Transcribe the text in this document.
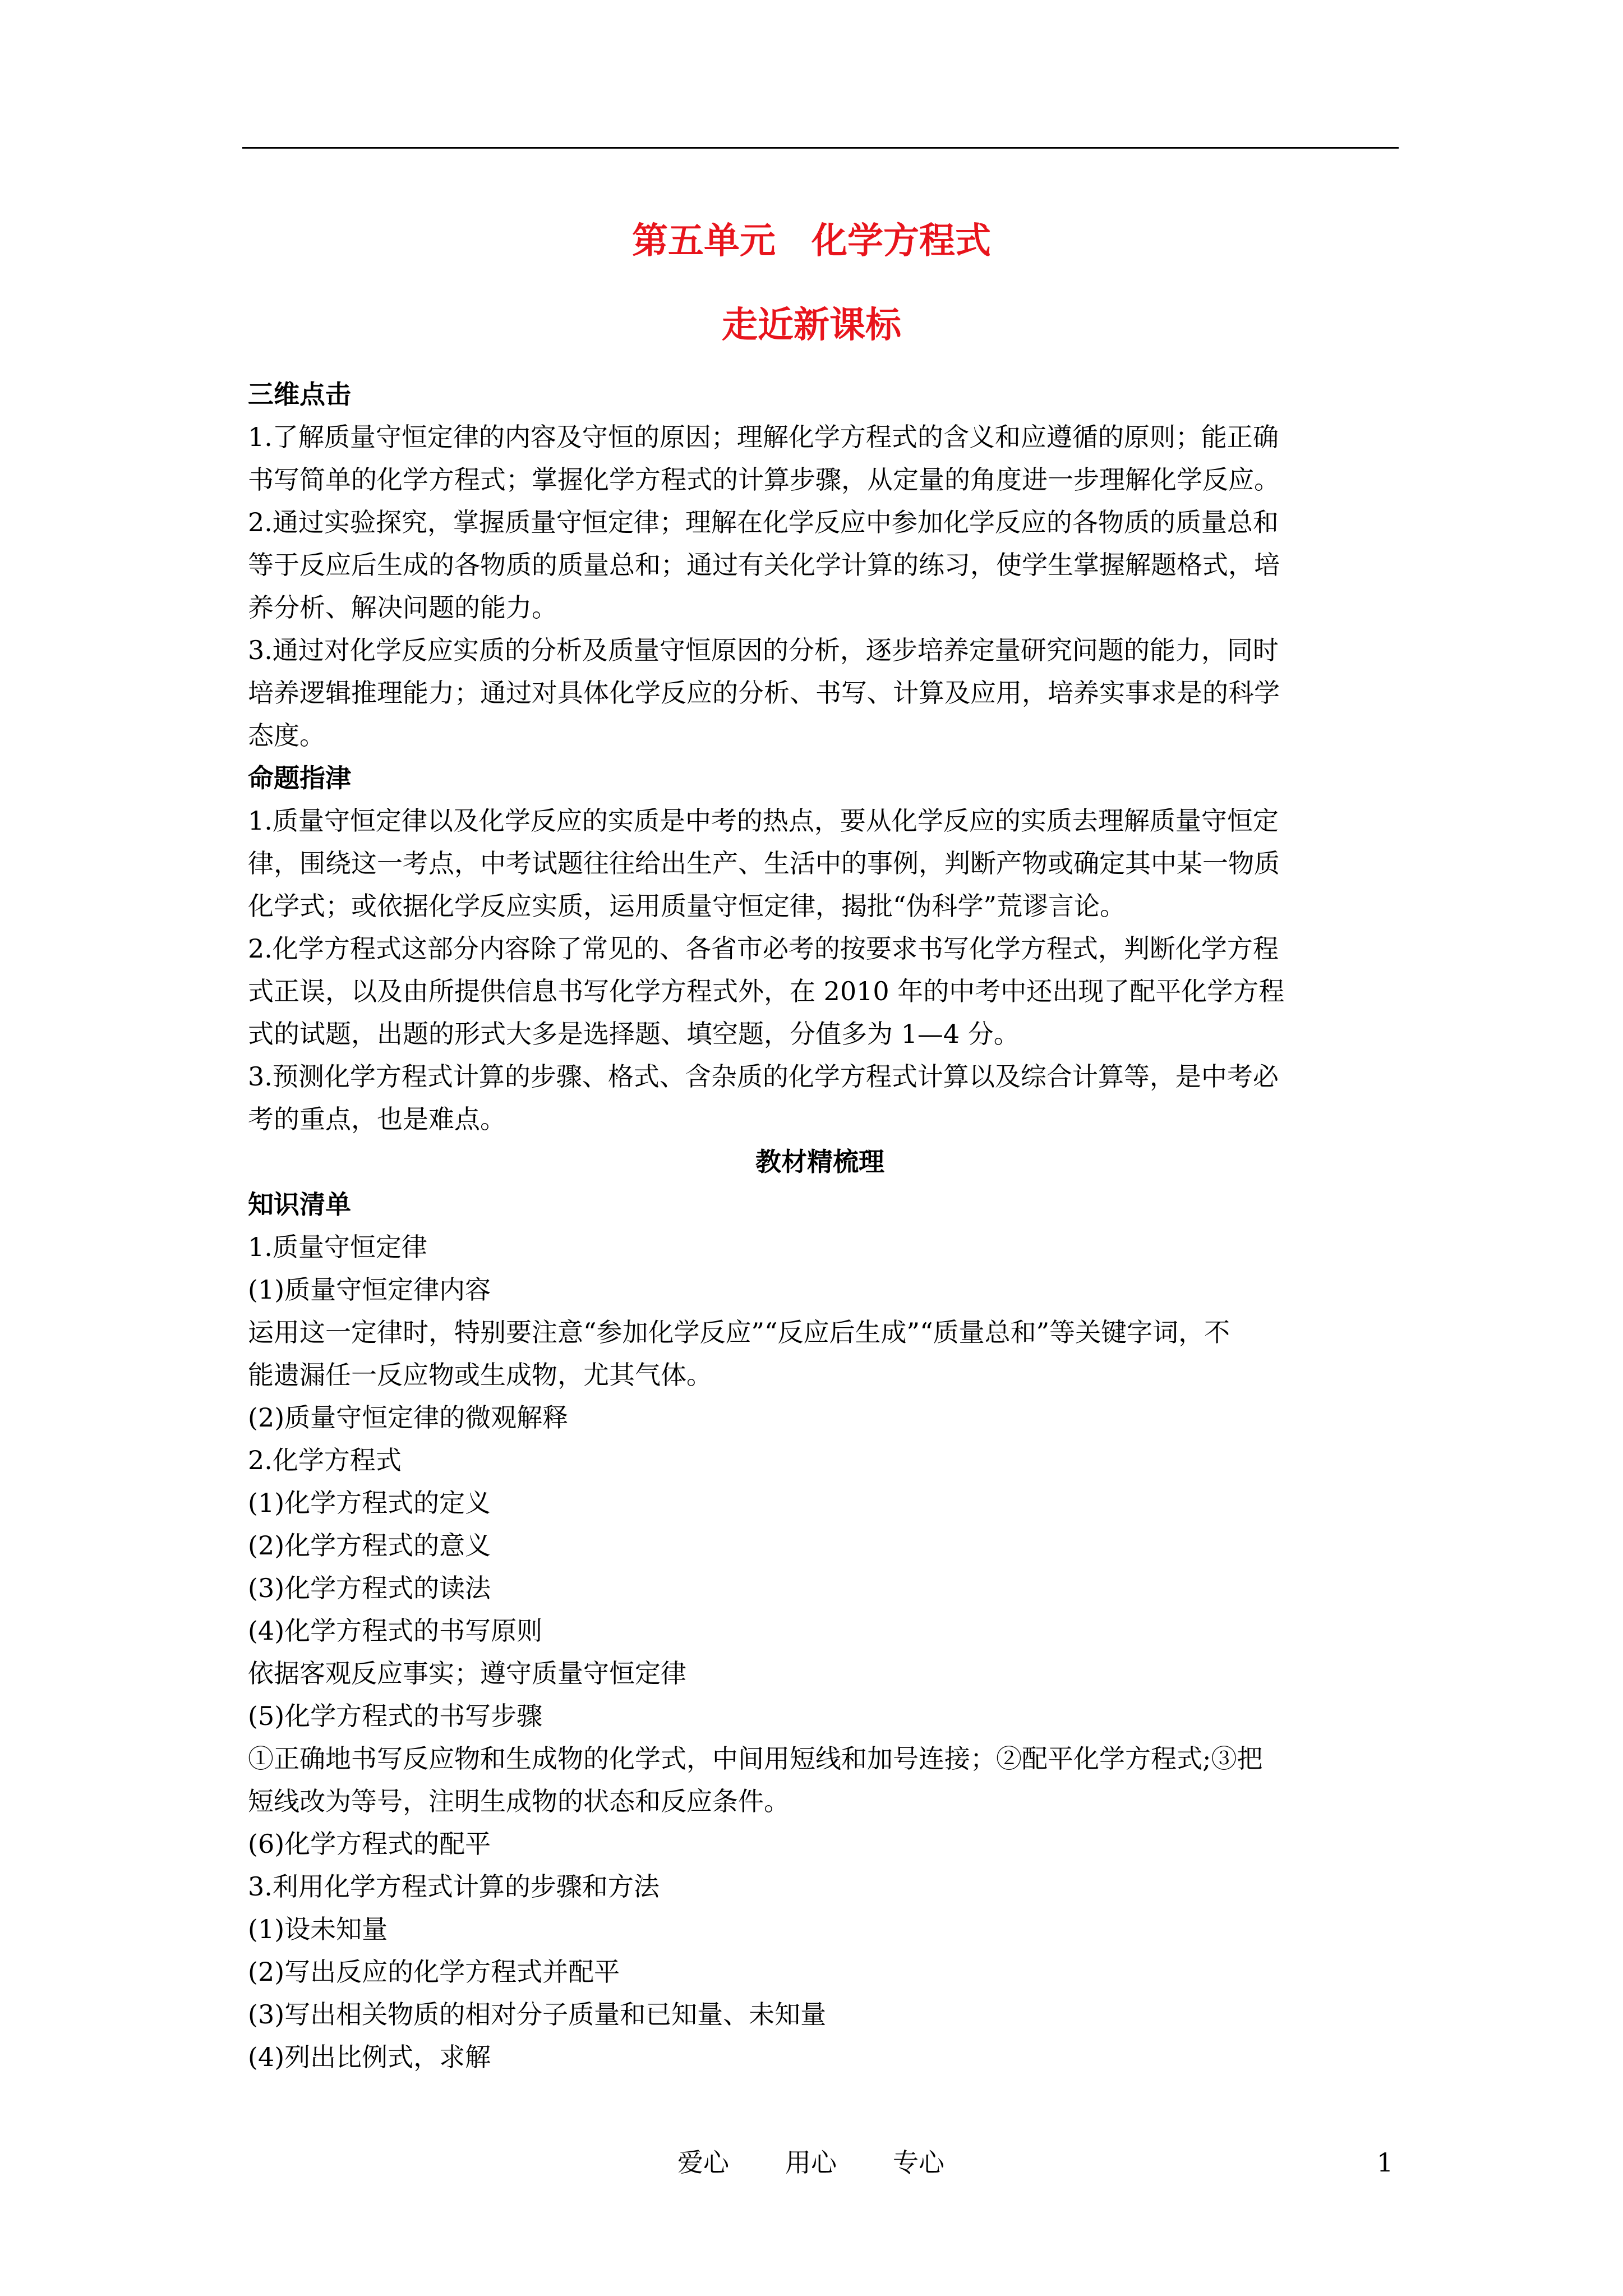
第五单元　化学方程式
走近新课标
三维点击
1.了解质量守恒定律的内容及守恒的原因；理解化学方程式的含义和应遵循的原则；能正确
书写简单的化学方程式；掌握化学方程式的计算步骤，从定量的角度进一步理解化学反应。
2.通过实验探究，掌握质量守恒定律；理解在化学反应中参加化学反应的各物质的质量总和
等于反应后生成的各物质的质量总和；通过有关化学计算的练习，使学生掌握解题格式，培
养分析、解决问题的能力。
3.通过对化学反应实质的分析及质量守恒原因的分析，逐步培养定量研究问题的能力，同时
培养逻辑推理能力；通过对具体化学反应的分析、书写、计算及应用，培养实事求是的科学
态度。
命题指津
1.质量守恒定律以及化学反应的实质是中考的热点，要从化学反应的实质去理解质量守恒定
律，围绕这一考点，中考试题往往给出生产、生活中的事例，判断产物或确定其中某一物质
化学式；或依据化学反应实质，运用质量守恒定律，揭批“伪科学”荒谬言论。
2.化学方程式这部分内容除了常见的、各省市必考的按要求书写化学方程式，判断化学方程
式正误，以及由所提供信息书写化学方程式外，在 2010 年的中考中还出现了配平化学方程
式的试题，出题的形式大多是选择题、填空题，分值多为 1—4 分。
3.预测化学方程式计算的步骤、格式、含杂质的化学方程式计算以及综合计算等，是中考必
考的重点，也是难点。
教材精梳理
知识清单
1.质量守恒定律
(1)质量守恒定律内容
运用这一定律时，特别要注意“参加化学反应”“反应后生成”“质量总和”等关键字词，不
能遗漏任一反应物或生成物，尤其气体。
(2)质量守恒定律的微观解释
2.化学方程式
(1)化学方程式的定义
(2)化学方程式的意义
(3)化学方程式的读法
(4)化学方程式的书写原则
依据客观反应事实；遵守质量守恒定律
(5)化学方程式的书写步骤
①正确地书写反应物和生成物的化学式，中间用短线和加号连接；②配平化学方程式;③把
短线改为等号，注明生成物的状态和反应条件。
(6)化学方程式的配平
3.利用化学方程式计算的步骤和方法
(1)设未知量
(2)写出反应的化学方程式并配平
(3)写出相关物质的相对分子质量和已知量、未知量
(4)列出比例式，求解
爱心 用心 专心	1
